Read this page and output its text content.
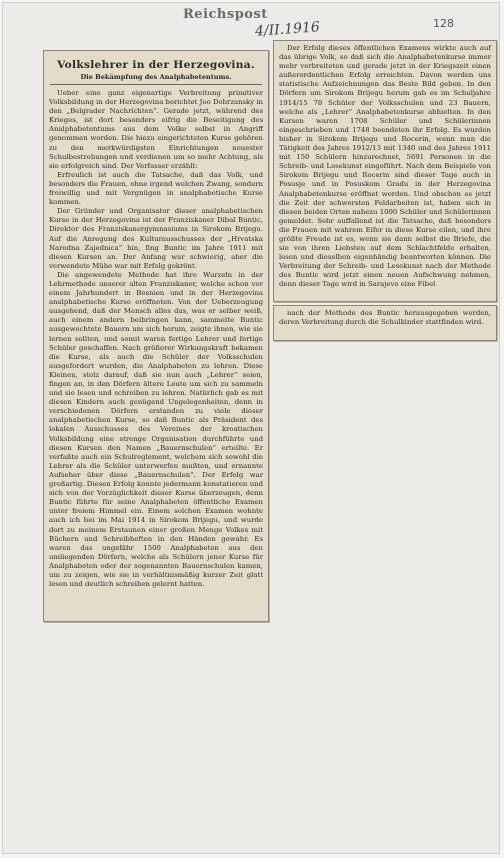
Reichspost
4/II.1916	128
Volkslehrer in der Herzegovina.
Die Bekämpfung des Analphabetentums.

Ueber eine ganz eigenartige Verbreitung primitiver Volksbildung in der Herzegovina berichtet Joo Dobrzansky in den „Belgrader Nachrichten“. Gerade jetzt, während des Krieges, ist dort besonders eifrig die Beseitigung des Analphabetentums aus dem Volke selbst in Angriff genommen worden. Die hiezu eingerichteten Kurse gehören zu den merkwürdigsten Einrichtungen neuester Schulbestrebungen und verdienen um so mehr Achtung, als sie erfolgreich sind. Der Verfasser erzählt:

Erfreulich ist auch die Tatsache, daß das Volk, und besonders die Frauen, ohne irgend welchen Zwang, sondern freiwillig und mit Vergnügen in analphabetische Kurse kommen.

Der Gründer und Organisator dieser analphabetischen Kurse in der Herzegovina ist der Franziskaner Dibal Buntic, Direktor des Franziskanergymnasiums in Sirokom Brijegu. Auf die Anregung des Kulturausschusses der „Hrvatska Narodna Zajednica“ hin, fing Buntic im Jahre 1911 mit diesen Kursen an. Der Anfang war schwierig, aber die verwendete Mühe war mit Erfolg gekrönt.

Die angewendete Methode hat ihre Wurzeln in der Lehrmethode unserer alten Franziskaner, welche schon vor einem Jahrhundert in Bosnien und in der Herzegovina analphabetische Kurse eröffneten. Von der Ueberzeugung ausgehend, daß der Mensch alles das, was er selber weiß, auch einem andern beibringen kann, sammelte Buntic ausgewechtete Bauern um sich herum, zeigte ihnen, wie sie lernen sollten, und somit waren fertige Lehrer und fertige Schüler geschaffen. Nach größerer Wirkungskraft bekamen die Kurse, als auch die Schüler der Volksschulen ausgefordert wurden, die Analphabeten zu lehren. Diese Kleinen, stolz darauf, daß sie nun auch „Lehrer“ seien, fingen an, in den Dörfern ältere Leute um sich zu sammeln und sie lesen und schreiben zu lehren. Natürlich gab es mit diesen Kindern auch genügend Ungelegenheiten, denn in verschiedenen Dörfern erstanden zu viele dieser analphabetischen Kurse, so daß Buntic als Präsident des lokalen Ausschusses des Vereines der kroatischen Volksbildung eine strenge Organisation durchführte und diesen Kursen den Namen „Bauernschulen“ erteilte. Er verfaßte auch ein Schulreglement, welchem sich sowohl die Lehrer als die Schüler unterwerfen mußten, und ernannte Aufseher über diese „Bauernschulen“. Der Erfolg war großartig. Diesen Erfolg konnte jedermann konstatieren und sich von der Vorzüglichkeit dieser Kurse überzeugen, denn Buntic führte für seine Analphabeten öffentliche Examen unter freiem Himmel ein. Einem solchen Examen wohnte auch ich bei im Mai 1914 in Sirokom Brijegu, und wurde dort zu meinem Erstaunen einer großen Menge Volkes mit Büchern und Schreibheften in den Händen gewahr. Es waren das ungefähr 1500 Analphabeten aus den umliegenden Dörfern, welche als Schülern jener Kurse für Analphabeten oder der sogenannten Bauernschulen kamen, um zu zeigen, wie sie in verhältnismäßig kurzer Zeit glatt lesen und deutlich schreiben gelernt hatten.

Der Erfolg dieses öffentlichen Examens wirkte auch auf das übrige Volk, so daß sich die Analphabetenkurse immer mehr verbreiteten und gerade jetzt in der Kriegszeit einen außerordentlichen Erfolg erreichten. Davon werden uns statistische Aufzeichnungen das Beste Bild geben. In den Dörfern um Sirokom Brijegu herum gab es im Schuljahre 1914/15 78 Schüler der Volksschulen und 23 Bauern, welche als „Lehrer“ Analphabetenkurse abhielten. In den Kursen waren 1708 Schüler und Schülerinnen eingeschrieben und 1748 beendeten ihr Erfolg. Es wurden bisher in Sirokom Brijegu und Rocerin, wenn man die Tätigkeit des Jahres 1912/13 mit 1340 und des Jahres 1911 mit 150 Schülern hinzurechnet, 5691 Personen in die Schreib- und Lesekunst eingeführt. Nach dem Beispiele von Sirokom Brijegu und Rocerin sind dieser Tage auch in Posusje und in Posuskom Gradu in der Herzegovina Analphabetenkurse eröffnet worden. Und obschon es jetzt die Zeit der schwersten Feldarbeiten ist, haben sich in diesen beiden Orten nahezu 1000 Schüler und Schülerinnen gemeldet. Sehr auffallend ist die Tatsache, daß besonders die Frauen mit wahrem Eifer in diese Kurse eilen, und ihre größte Freude ist es, wenn sie dann selbst die Briefe, die sie von ihren Liebsten auf dem Schlachtfelde erhalten, lesen und dieselben eigenhändig beantworten können. Die Verbreitung der Schreib- und Lesekunst nach der Methode des Buntic wird jetzt einen neuen Aufschwung nehmen, denn dieser Tage wird in Sarajevo eine Fibel

nach der Methode des Buntic herausgegeben werden, deren Verbreitung durch die Schulkinder stattfinden wird.
